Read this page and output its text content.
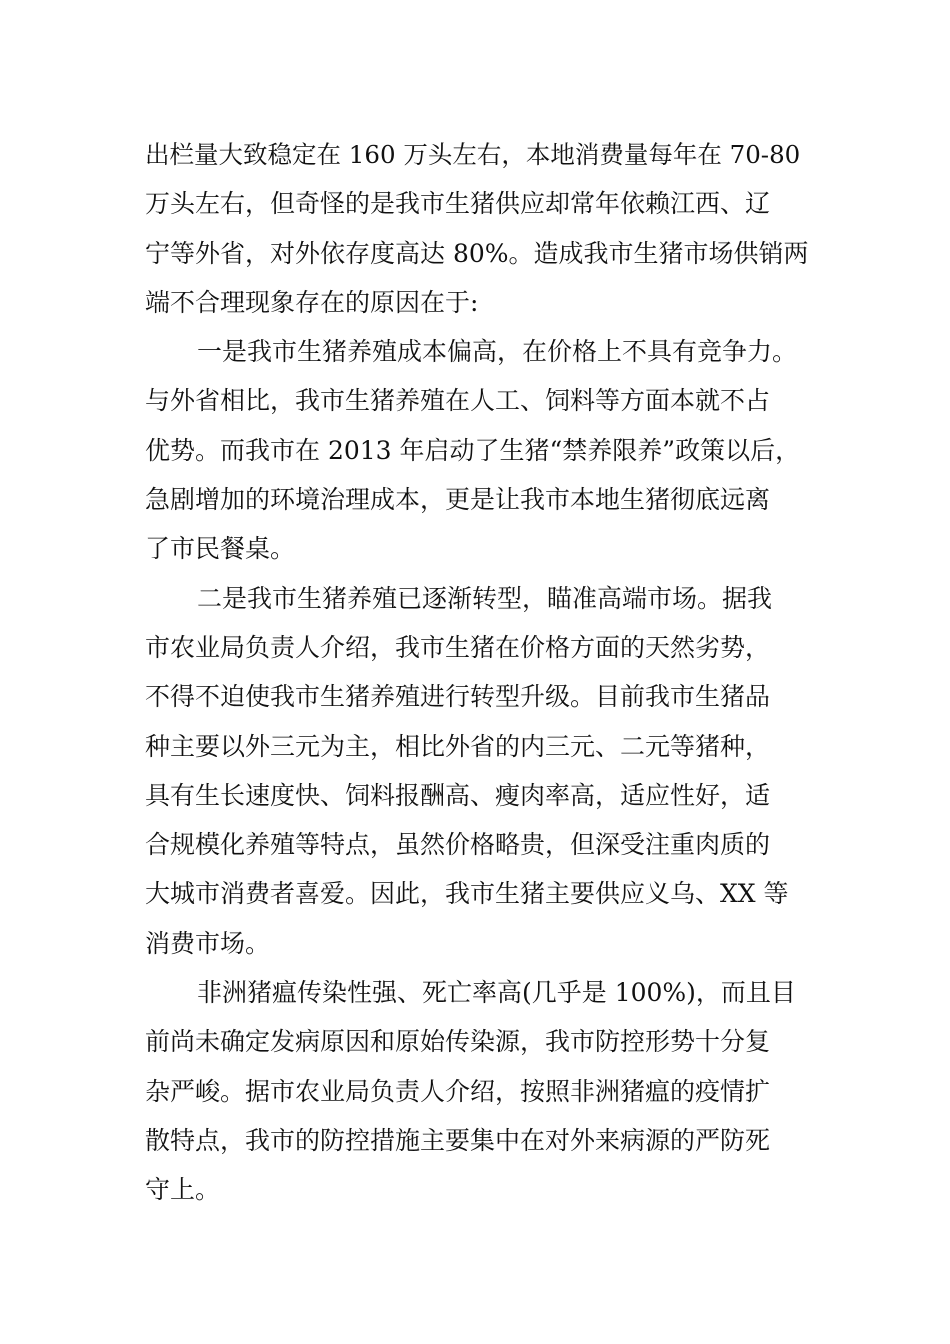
出栏量大致稳定在 160 万头左右，本地消费量每年在 70-80
万头左右，但奇怪的是我市生猪供应却常年依赖江西、辽
宁等外省，对外依存度高达 80%。造成我市生猪市场供销两
端不合理现象存在的原因在于:
一是我市生猪养殖成本偏高，在价格上不具有竞争力。
与外省相比，我市生猪养殖在人工、饲料等方面本就不占
优势。而我市在 2013 年启动了生猪“禁养限养”政策以后，
急剧增加的环境治理成本，更是让我市本地生猪彻底远离
了市民餐桌。
二是我市生猪养殖已逐渐转型，瞄准高端市场。据我
市农业局负责人介绍，我市生猪在价格方面的天然劣势，
不得不迫使我市生猪养殖进行转型升级。目前我市生猪品
种主要以外三元为主，相比外省的内三元、二元等猪种，
具有生长速度快、饲料报酬高、瘦肉率高，适应性好，适
合规模化养殖等特点，虽然价格略贵，但深受注重肉质的
大城市消费者喜爱。因此，我市生猪主要供应义乌、XX 等
消费市场。
非洲猪瘟传染性强、死亡率高(几乎是 100%)，而且目
前尚未确定发病原因和原始传染源，我市防控形势十分复
杂严峻。据市农业局负责人介绍，按照非洲猪瘟的疫情扩
散特点，我市的防控措施主要集中在对外来病源的严防死
守上。
